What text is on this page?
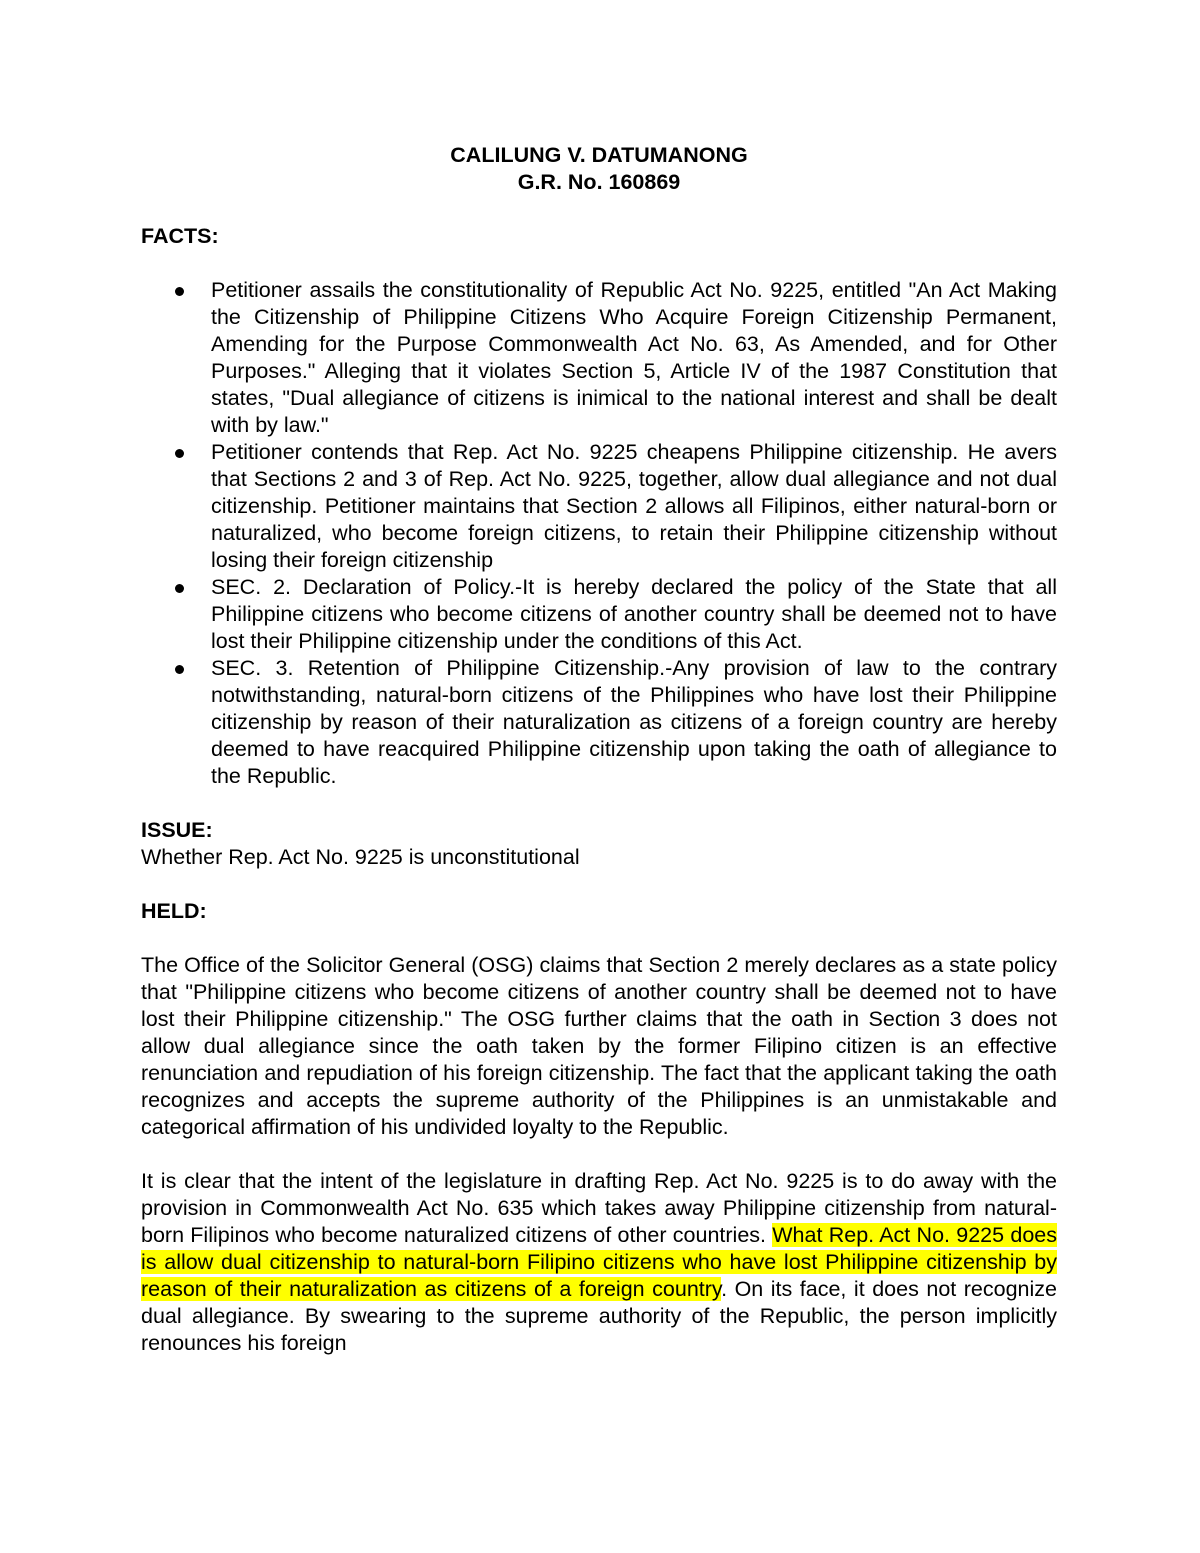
CALILUNG V. DATUMANONG

G.R. No. 160869

FACTS:

Petitioner assails the constitutionality of Republic Act No. 9225, entitled "An Act Making the Citizenship of Philippine Citizens Who Acquire Foreign Citizenship Permanent, Amending for the Purpose Commonwealth Act No. 63, As Amended, and for Other Purposes." Alleging that it violates Section 5, Article IV of the 1987 Constitution that states, "Dual allegiance of citizens is inimical to the national interest and shall be dealt with by law."
Petitioner contends that Rep. Act No. 9225 cheapens Philippine citizenship. He avers that Sections 2 and 3 of Rep. Act No. 9225, together, allow dual allegiance and not dual citizenship. Petitioner maintains that Section 2 allows all Filipinos, either natural-born or naturalized, who become foreign citizens, to retain their Philippine citizenship without losing their foreign citizenship
SEC. 2. Declaration of Policy.-It is hereby declared the policy of the State that all Philippine citizens who become citizens of another country shall be deemed not to have lost their Philippine citizenship under the conditions of this Act.
SEC. 3. Retention of Philippine Citizenship.-Any provision of law to the contrary notwithstanding, natural-born citizens of the Philippines who have lost their Philippine citizenship by reason of their naturalization as citizens of a foreign country are hereby deemed to have reacquired Philippine citizenship upon taking the oath of allegiance to the Republic.

ISSUE:

Whether Rep. Act No. 9225 is unconstitutional

HELD:

The Office of the Solicitor General (OSG) claims that Section 2 merely declares as a state policy that "Philippine citizens who become citizens of another country shall be deemed not to have lost their Philippine citizenship." The OSG further claims that the oath in Section 3 does not allow dual allegiance since the oath taken by the former Filipino citizen is an effective renunciation and repudiation of his foreign citizenship. The fact that the applicant taking the oath recognizes and accepts the supreme authority of the Philippines is an unmistakable and categorical affirmation of his undivided loyalty to the Republic.

It is clear that the intent of the legislature in drafting Rep. Act No. 9225 is to do away with the provision in Commonwealth Act No. 635 which takes away Philippine citizenship from natural-born Filipinos who become naturalized citizens of other countries. What Rep. Act No. 9225 does is allow dual citizenship to natural-born Filipino citizens who have lost Philippine citizenship by reason of their naturalization as citizens of a foreign country. On its face, it does not recognize dual allegiance. By swearing to the supreme authority of the Republic, the person implicitly renounces his foreign
